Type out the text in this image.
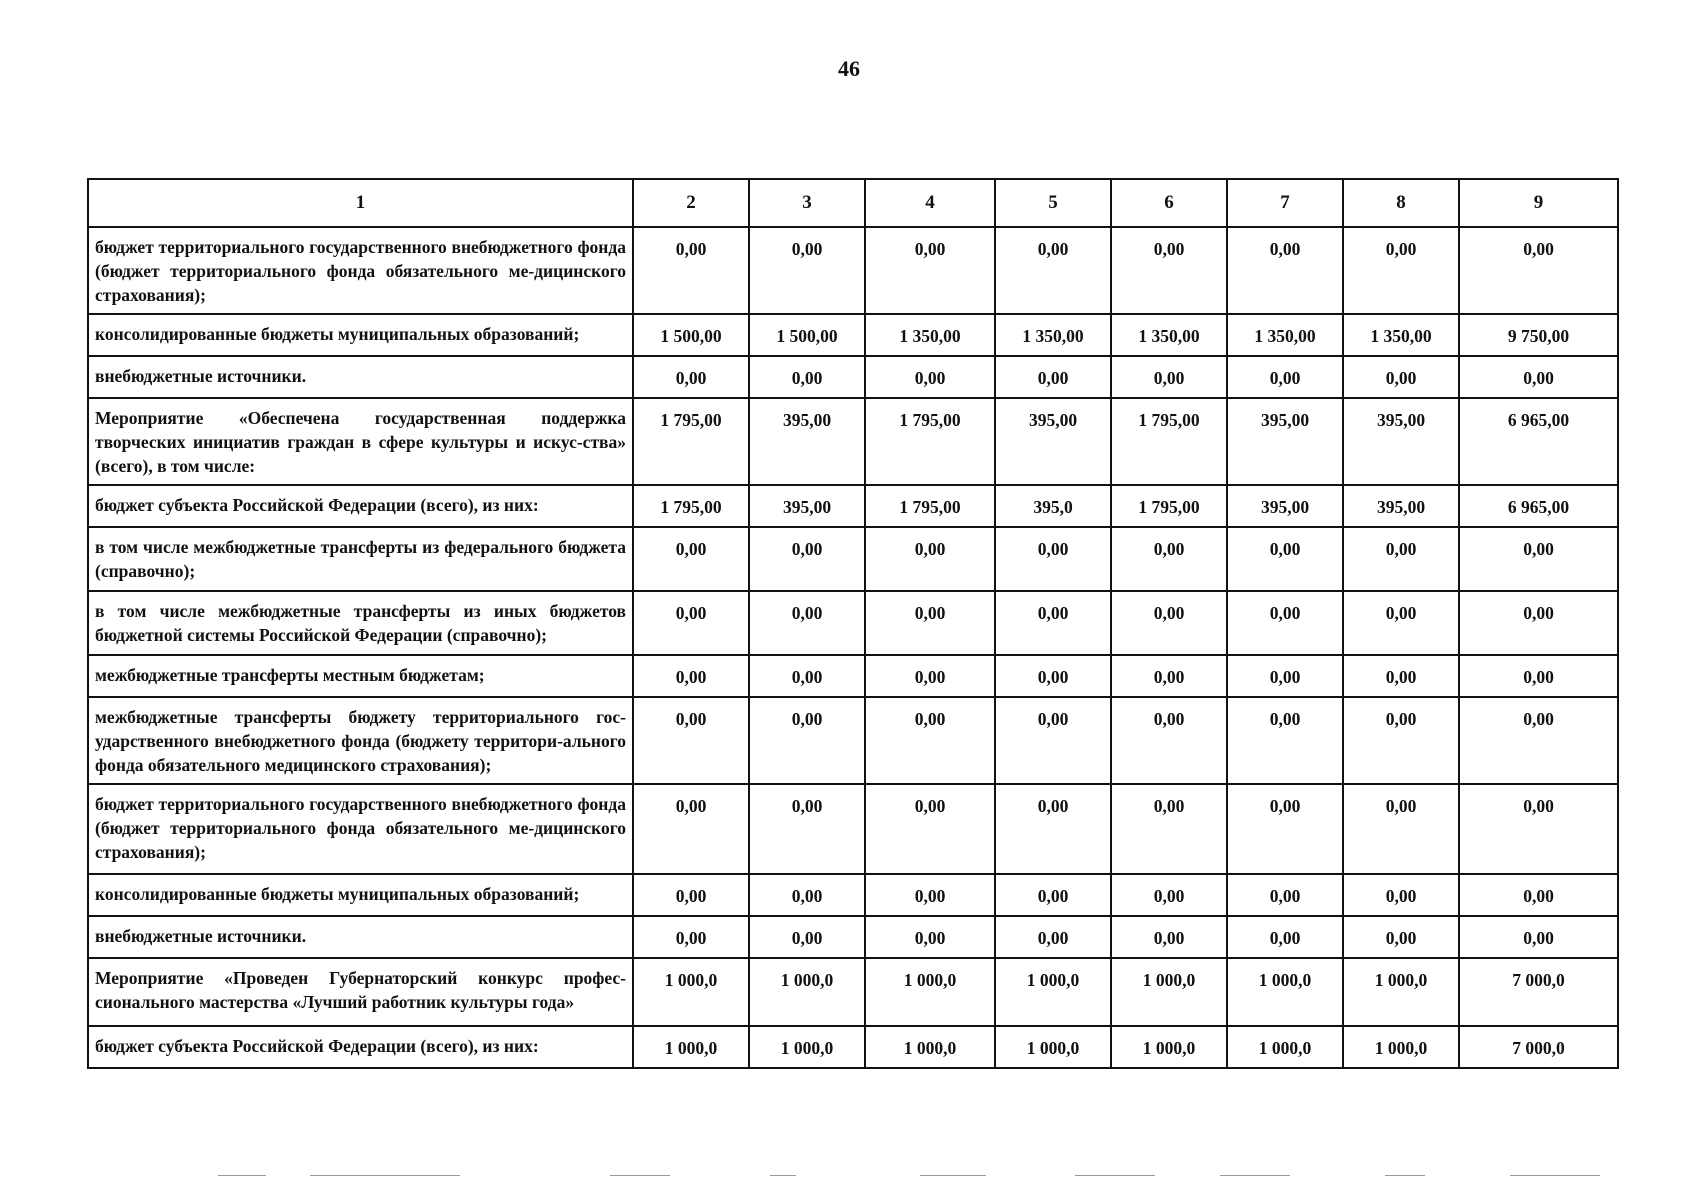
46
1	2	3	4	5	6	7	8	9
бюджет территориального государственного внебюджетного фонда (бюджет территориального фонда обязательного ме-дицинского страхования);	0,00	0,00	0,00	0,00	0,00	0,00	0,00	0,00
консолидированные бюджеты муниципальных образований;	1 500,00	1 500,00	1 350,00	1 350,00	1 350,00	1 350,00	1 350,00	9 750,00
внебюджетные источники.	0,00	0,00	0,00	0,00	0,00	0,00	0,00	0,00
Мероприятие «Обеспечена государственная поддержка творческих инициатив граждан в сфере культуры и искус-ства» (всего), в том числе:	1 795,00	395,00	1 795,00	395,00	1 795,00	395,00	395,00	6 965,00
бюджет субъекта Российской Федерации (всего), из них:	1 795,00	395,00	1 795,00	395,0	1 795,00	395,00	395,00	6 965,00
в том числе межбюджетные трансферты из федерального бюджета (справочно);	0,00	0,00	0,00	0,00	0,00	0,00	0,00	0,00
в том числе межбюджетные трансферты из иных бюджетов бюджетной системы Российской Федерации (справочно);	0,00	0,00	0,00	0,00	0,00	0,00	0,00	0,00
межбюджетные трансферты местным бюджетам;	0,00	0,00	0,00	0,00	0,00	0,00	0,00	0,00
межбюджетные трансферты бюджету территориального гос-ударственного внебюджетного фонда (бюджету территори-ального фонда обязательного медицинского страхования);	0,00	0,00	0,00	0,00	0,00	0,00	0,00	0,00
бюджет территориального государственного внебюджетного фонда (бюджет территориального фонда обязательного ме-дицинского страхования);	0,00	0,00	0,00	0,00	0,00	0,00	0,00	0,00
консолидированные бюджеты муниципальных образований;	0,00	0,00	0,00	0,00	0,00	0,00	0,00	0,00
внебюджетные источники.	0,00	0,00	0,00	0,00	0,00	0,00	0,00	0,00
Мероприятие «Проведен Губернаторский конкурс профес-сионального мастерства «Лучший работник культуры года»	1 000,0	1 000,0	1 000,0	1 000,0	1 000,0	1 000,0	1 000,0	7 000,0
бюджет субъекта Российской Федерации (всего), из них:	1 000,0	1 000,0	1 000,0	1 000,0	1 000,0	1 000,0	1 000,0	7 000,0
